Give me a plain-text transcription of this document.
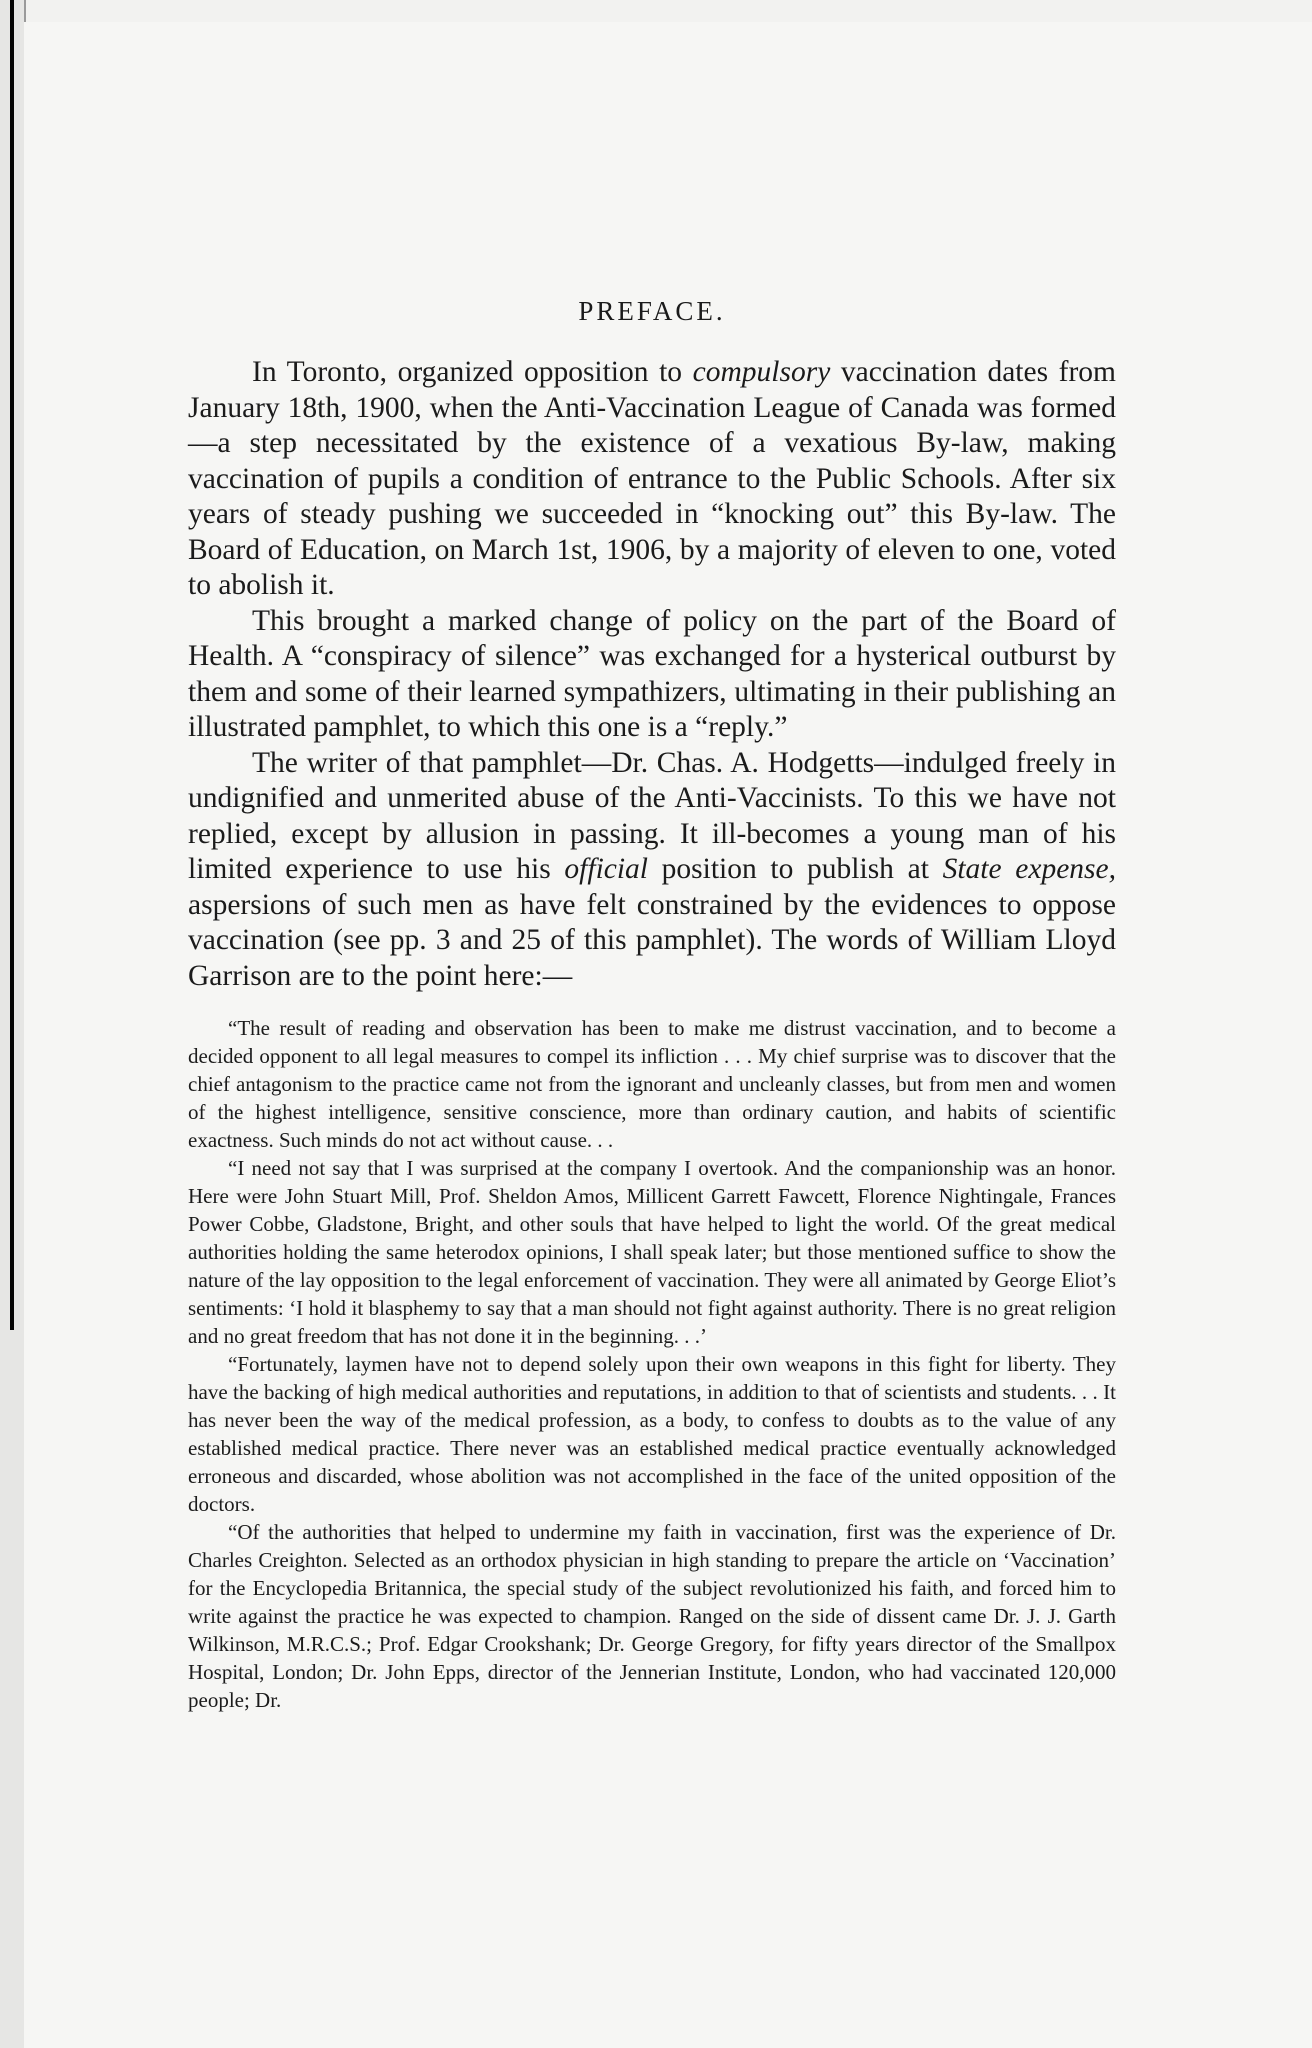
PREFACE.

In Toronto, organized opposition to compulsory vaccination dates from January 18th, 1900, when the Anti-Vaccination League of Canada was formed—a step necessitated by the existence of a vexatious By-law, making vaccination of pupils a condition of entrance to the Public Schools. After six years of steady pushing we succeeded in “knocking out” this By-law. The Board of Education, on March 1st, 1906, by a majority of eleven to one, voted to abolish it.

This brought a marked change of policy on the part of the Board of Health. A “conspiracy of silence” was exchanged for a hysterical outburst by them and some of their learned sympathizers, ultimating in their publishing an illustrated pamphlet, to which this one is a “reply.”

The writer of that pamphlet—Dr. Chas. A. Hodgetts—indulged freely in undignified and unmerited abuse of the Anti-Vaccinists. To this we have not replied, except by allusion in passing. It ill-becomes a young man of his limited experience to use his official position to publish at State expense, aspersions of such men as have felt constrained by the evidences to oppose vaccination (see pp. 3 and 25 of this pamphlet). The words of William Lloyd Garrison are to the point here:—

“The result of reading and observation has been to make me distrust vaccination, and to become a decided opponent to all legal measures to compel its infliction . . . My chief surprise was to discover that the chief antagonism to the practice came not from the ignorant and uncleanly classes, but from men and women of the highest intelligence, sensitive conscience, more than ordinary caution, and habits of scientific exactness. Such minds do not act without cause. . .

“I need not say that I was surprised at the company I overtook. And the companionship was an honor. Here were John Stuart Mill, Prof. Sheldon Amos, Millicent Garrett Fawcett, Florence Nightingale, Frances Power Cobbe, Gladstone, Bright, and other souls that have helped to light the world. Of the great medical authorities holding the same heterodox opinions, I shall speak later; but those mentioned suffice to show the nature of the lay opposition to the legal enforcement of vaccination. They were all animated by George Eliot’s sentiments: ‘I hold it blasphemy to say that a man should not fight against authority. There is no great religion and no great freedom that has not done it in the beginning. . .’

“Fortunately, laymen have not to depend solely upon their own weapons in this fight for liberty. They have the backing of high medical authorities and reputations, in addition to that of scientists and students. . . It has never been the way of the medical profession, as a body, to confess to doubts as to the value of any established medical practice. There never was an established medical practice eventually acknowledged erroneous and discarded, whose abolition was not accomplished in the face of the united opposition of the doctors.

“Of the authorities that helped to undermine my faith in vaccination, first was the experience of Dr. Charles Creighton. Selected as an orthodox physician in high standing to prepare the article on ‘Vaccination’ for the Encyclopedia Britannica, the special study of the subject revolutionized his faith, and forced him to write against the practice he was expected to champion. Ranged on the side of dissent came Dr. J. J. Garth Wilkinson, M.R.C.S.; Prof. Edgar Crookshank; Dr. George Gregory, for fifty years director of the Smallpox Hospital, London; Dr. John Epps, director of the Jennerian Institute, London, who had vaccinated 120,000 people; Dr.
